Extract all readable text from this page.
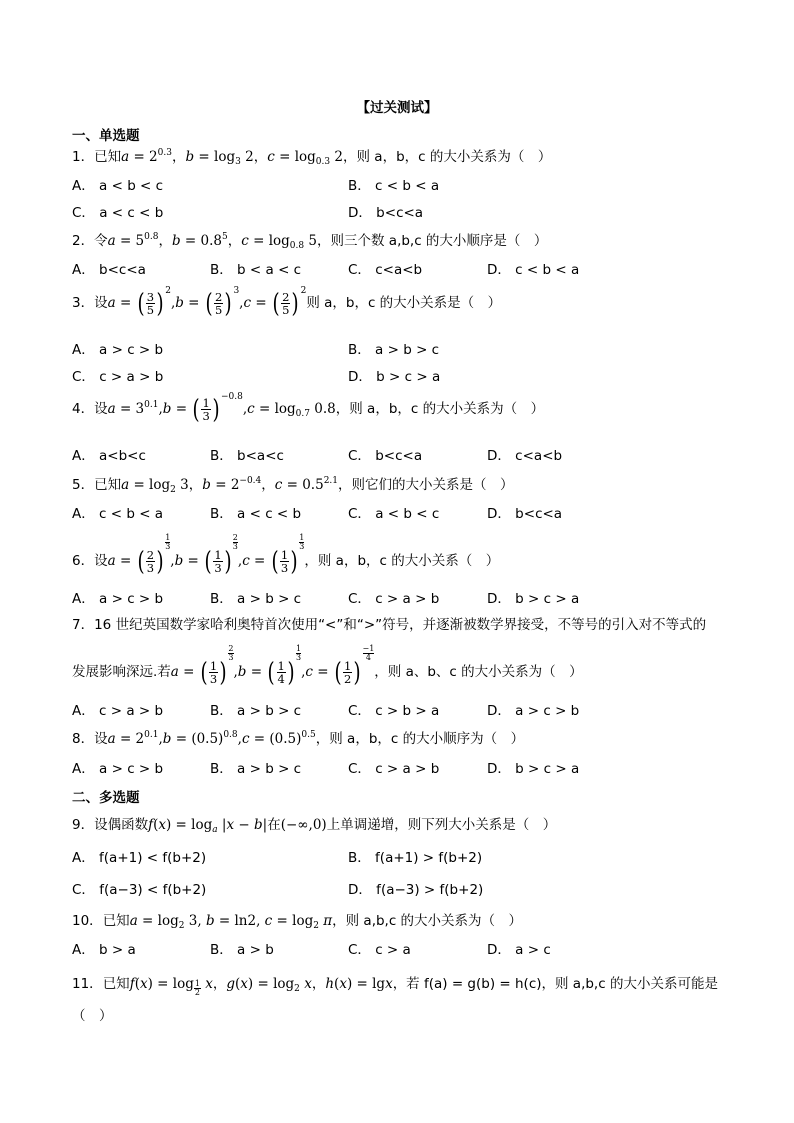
【过关测试】
一、单选题
1．已知$a = 2^{0.3}$，$b = \log_3 2$，$c = \log_{0.3} 2$，则 a，b，c 的大小关系为（　）
A． a < b < c	B． c < b < a
C． a < c < b	D． b<c<a
2．令$a = 5^{0.8}$，$b = 0.8^5$，$c = \log_{0.8} 5$，则三个数 a,b,c 的大小顺序是（　）
A． b<c<a	B． b < a < c	C． c<a<b	D． c < b < a
3．设a = ( $\frac{3}{5}$ ) 2,b = ( $\frac{2}{5}$ ) 3,c = ( $\frac{2}{5}$ ) 2则 a，b，c 的大小关系是（　）
A． a > c > b	B． a > b > c
C． c > a > b	D． b > c > a
4．设$a = 3^{0.1},b$ = ( $\frac{1}{3}$ ) $-0.8,c = \log_{0.7} 0.8$，则 a，b，c 的大小关系为（　）
A． a<b<c	B． b<a<c	C． b<c<a	D． c<a<b
5．已知$a = \log_2 3$，$b = 2^{-0.4}$，$c = 0.5^{2.1}$，则它们的大小关系是（　）
A． c < b < a	B． a < c < b	C． a < b < c	D． b<c<a
6．设a = ( $\frac{2}{3}$ )
$\frac{1}{3}$
,b = ( $\frac{1}{3}$ )
$\frac{2}{3}$
,c = ( $\frac{1}{3}$ )
$\frac{1}{3}$
，则 a，b，c 的大小关系（　）
A． a > c > b	B． a > b > c	C． c > a > b	D． b > c > a
7．16 世纪英国数学家哈利奥特首次使用“<”和“>”符号，并逐渐被数学界接受，不等号的引入对不等式的
发展影响深远.若a = ( $\frac{1}{3}$ )
$\frac{2}{3}$
,b = ( $\frac{1}{4}$ )
$\frac{1}{3}$
,c = ( $\frac{1}{2}$ )
$\frac{-1}{4}$
，则 a、b、c 的大小关系为（　）
A． c > a > b	B． a > b > c	C． c > b > a	D． a > c > b
8．设$a = 2^{0.1},b = (0.5)^{0.8},c = (0.5)^{0.5}$，则 a，b，c 的大小顺序为（　）
A． a > c > b	B． a > b > c	C． c > a > b	D． b > c > a
二、多选题
9．设偶函数$f(x) = \log_a |x - b|$在(−∞,0)上单调递增，则下列大小关系是（　）
A． f(a+1) < f(b+2)	B． f(a+1) > f(b+2)
C． f(a−3) < f(b+2)	D． f(a−3) > f(b+2)
10．已知$a = \log_2 3$, b = ln2, $c = \log_2 \pi$，则 a,b,c 的大小关系为（　）
A． b > a	B． a > b	C． c > a	D． a > c
11．已知f(x) = log $_{\frac{1}{2}}$ x，$g(x) = \log_2 x$，h(x) = lgx，若 f(a) = g(b) = h(c)，则 a,b,c 的大小关系可能是
（　）
